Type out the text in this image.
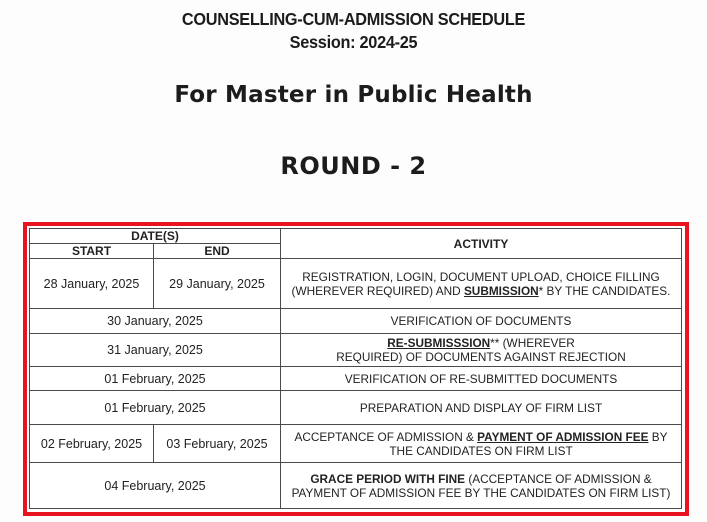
COUNSELLING-CUM-ADMISSION SCHEDULE
Session: 2024-25
For Master in Public Health
ROUND - 2
DATE(S)		ACTIVITY
START	END	
28 January, 2025	29 January, 2025	REGISTRATION, LOGIN, DOCUMENT UPLOAD, CHOICE FILLING
(WHEREVER REQUIRED) AND SUBMISSION* BY THE CANDIDATES.
30 January, 2025		VERIFICATION OF DOCUMENTS
31 January, 2025		RE-SUBMISSSION** (WHEREVER
REQUIRED) OF DOCUMENTS AGAINST REJECTION
01 February, 2025		VERIFICATION OF RE-SUBMITTED DOCUMENTS
01 February, 2025		PREPARATION AND DISPLAY OF FIRM LIST
02 February, 2025	03 February, 2025	ACCEPTANCE OF ADMISSION & PAYMENT OF ADMISSION FEE BY
THE CANDIDATES ON FIRM LIST
04 February, 2025		GRACE PERIOD WITH FINE (ACCEPTANCE OF ADMISSION &
PAYMENT OF ADMISSION FEE BY THE CANDIDATES ON FIRM LIST)
